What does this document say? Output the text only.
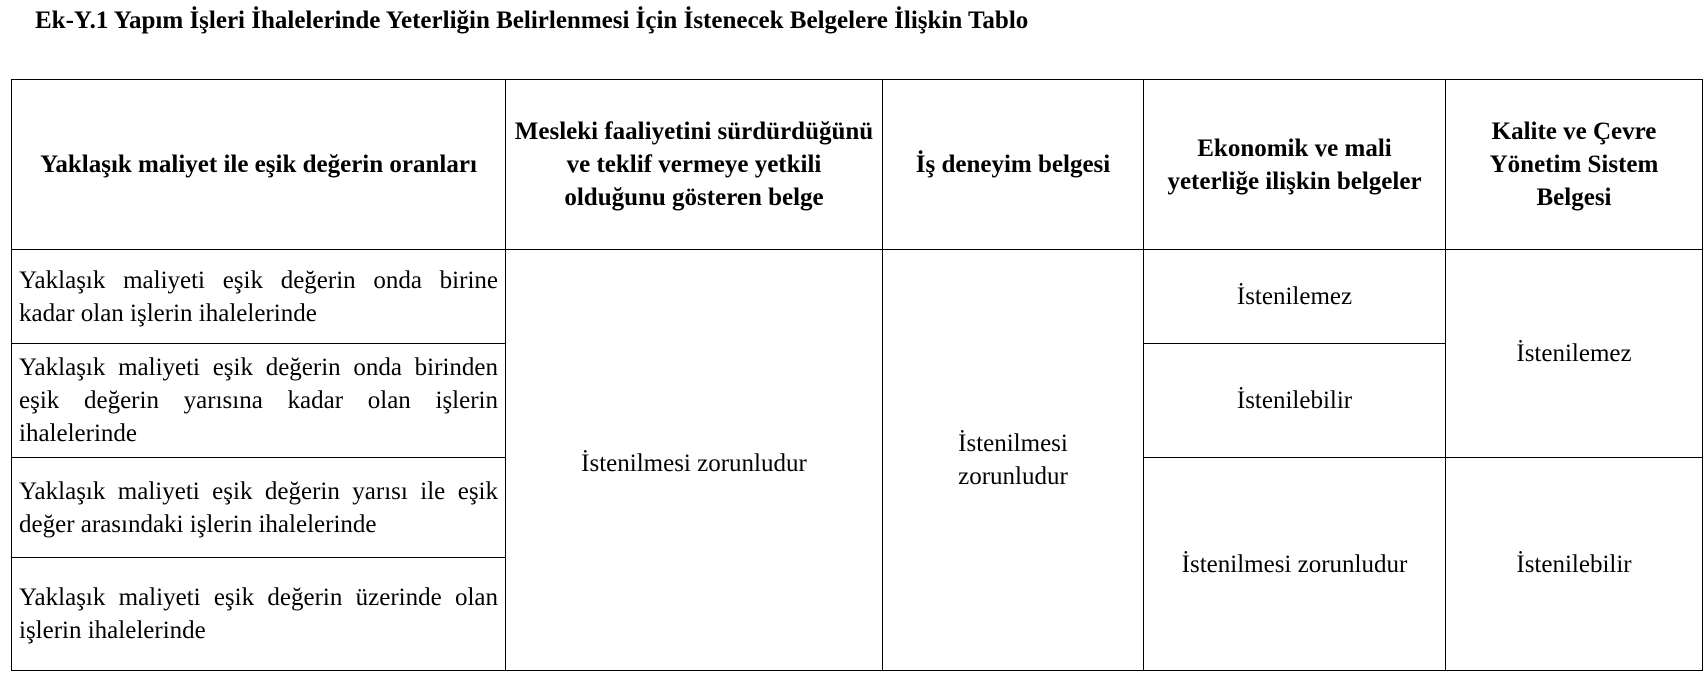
Ek-Y.1 Yapım İşleri İhalelerinde Yeterliğin Belirlenmesi İçin İstenecek Belgelere İlişkin Tablo
Yaklaşık maliyet ile eşik değerin oranları	Mesleki faaliyetini sürdürdüğünü ve teklif vermeye yetkili olduğunu gösteren belge	İş deneyim belgesi	Ekonomik ve mali yeterliğe ilişkin belgeler	Kalite ve Çevre Yönetim Sistem Belgesi
Yaklaşık maliyeti eşik değerin onda birine kadar olan işlerin ihalelerinde	İstenilmesi zorunludur	İstenilmesi zorunludur	İstenilemez	İstenilemez
Yaklaşık maliyeti eşik değerin onda birinden eşik değerin yarısına kadar olan işlerin ihalelerinde			İstenilebilir	
Yaklaşık maliyeti eşik değerin yarısı ile eşik değer arasındaki işlerin ihalelerinde			İstenilmesi zorunludur	İstenilebilir
Yaklaşık maliyeti eşik değerin üzerinde olan işlerin ihalelerinde				
